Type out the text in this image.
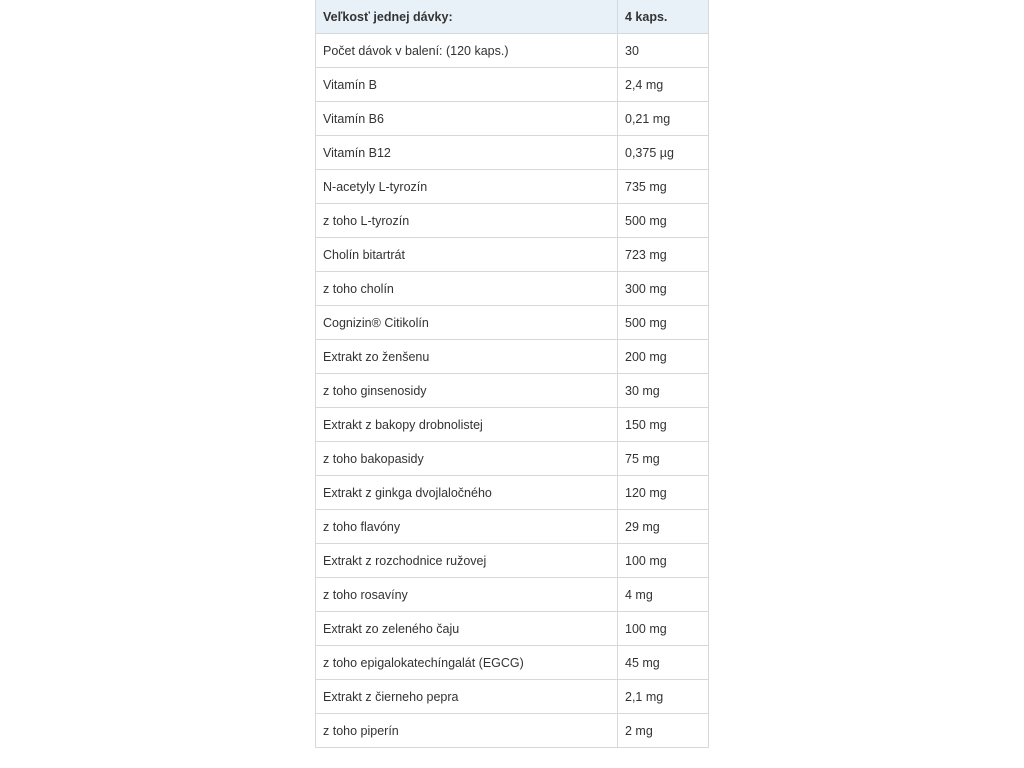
Veľkosť jednej dávky:	4 kaps.
Počet dávok v balení: (120 kaps.)	30
Vitamín B	2,4 mg
Vitamín B6	0,21 mg
Vitamín B12	0,375 µg
N-acetyly L-tyrozín	735 mg
z toho L-tyrozín	500 mg
Cholín bitartrát	723 mg
z toho cholín	300 mg
Cognizin® Citikolín	500 mg
Extrakt zo ženšenu	200 mg
z toho ginsenosidy	30 mg
Extrakt z bakopy drobnolistej	150 mg
z toho bakopasidy	75 mg
Extrakt z ginkga dvojlaločného	120 mg
z toho flavóny	29 mg
Extrakt z rozchodnice ružovej	100 mg
z toho rosavíny	4 mg
Extrakt zo zeleného čaju	100 mg
z toho epigalokatechíngalát (EGCG)	45 mg
Extrakt z čierneho pepra	2,1 mg
z toho piperín	2 mg
